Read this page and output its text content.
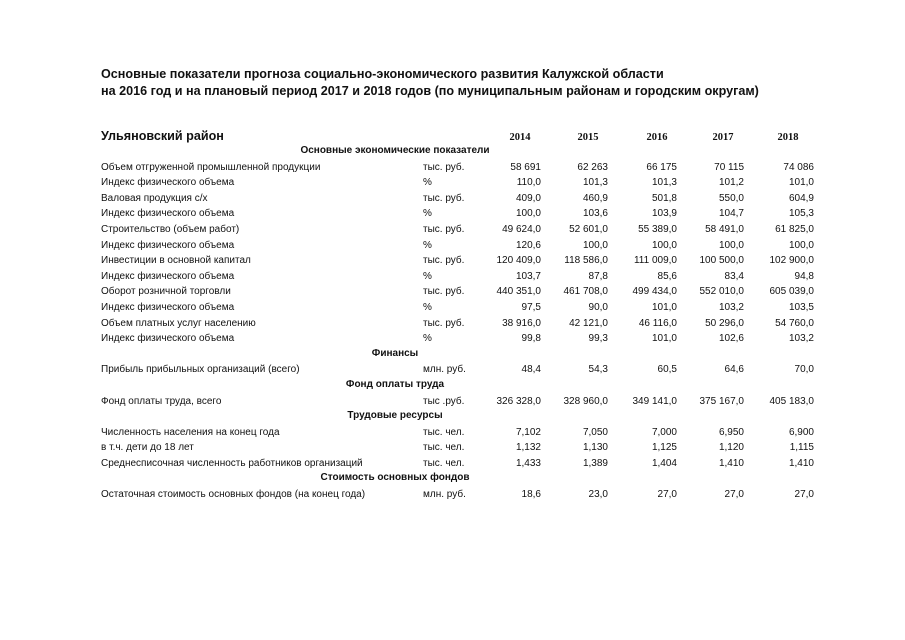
Основные показатели прогноза социально-экономического развития Калужской области
на 2016 год и на плановый период 2017 и 2018 годов (по муниципальным районам и городским округам)
Ульяновский район	2014	2015	2016	2017	2018
Основные экономические показатели
Объем отгруженной промышленной продукции	тыс. руб.	58 691	62 263	66 175	70 115	74 086
Индекс физического объема	%	110,0	101,3	101,3	101,2	101,0
Валовая продукция с/х	тыс. руб.	409,0	460,9	501,8	550,0	604,9
Индекс физического объема	%	100,0	103,6	103,9	104,7	105,3
Строительство (объем работ)	тыс. руб.	49 624,0	52 601,0	55 389,0	58 491,0	61 825,0
Индекс физического объема	%	120,6	100,0	100,0	100,0	100,0
Инвестиции в основной капитал	тыс. руб.	120 409,0	118 586,0	111 009,0	100 500,0	102 900,0
Индекс физического объема	%	103,7	87,8	85,6	83,4	94,8
Оборот розничной торговли	тыс. руб.	440 351,0	461 708,0	499 434,0	552 010,0	605 039,0
Индекс физического объема	%	97,5	90,0	101,0	103,2	103,5
Объем платных услуг населению	тыс. руб.	38 916,0	42 121,0	46 116,0	50 296,0	54 760,0
Индекс физического объема	%	99,8	99,3	101,0	102,6	103,2
Финансы
Прибыль прибыльных организаций (всего)	млн. руб.	48,4	54,3	60,5	64,6	70,0
Фонд оплаты труда
Фонд оплаты труда, всего	тыс .руб.	326 328,0	328 960,0	349 141,0	375 167,0	405 183,0
Трудовые ресурсы
Численность населения на конец года	тыс. чел.	7,102	7,050	7,000	6,950	6,900
в т.ч. дети до 18 лет	тыс. чел.	1,132	1,130	1,125	1,120	1,115
Среднесписочная численность работников организаций	тыс. чел.	1,433	1,389	1,404	1,410	1,410
Стоимость основных фондов
Остаточная стоимость основных фондов (на конец года)	млн. руб.	18,6	23,0	27,0	27,0	27,0
